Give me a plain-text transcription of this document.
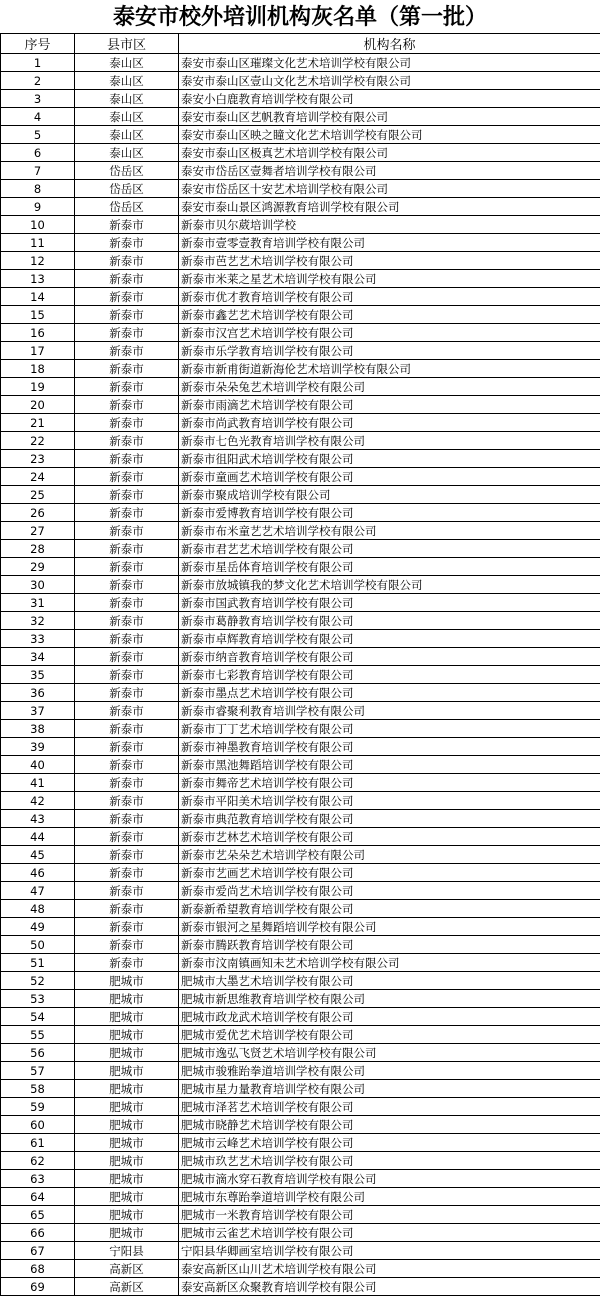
泰安市校外培训机构灰名单（第一批）
序号	县市区	机构名称
1	泰山区	泰安市泰山区璀璨文化艺术培训学校有限公司
2	泰山区	泰安市泰山区壹山文化艺术培训学校有限公司
3	泰山区	泰安小白鹿教育培训学校有限公司
4	泰山区	泰安市泰山区艺帆教育培训学校有限公司
5	泰山区	泰安市泰山区映之瞳文化艺术培训学校有限公司
6	泰山区	泰安市泰山区极真艺术培训学校有限公司
7	岱岳区	泰安市岱岳区壹舞者培训学校有限公司
8	岱岳区	泰安市岱岳区十安艺术培训学校有限公司
9	岱岳区	泰安市泰山景区鸿源教育培训学校有限公司
10	新泰市	新泰市贝尔葳培训学校
11	新泰市	新泰市壹零壹教育培训学校有限公司
12	新泰市	新泰市芭艺艺术培训学校有限公司
13	新泰市	新泰市米莱之星艺术培训学校有限公司
14	新泰市	新泰市优才教育培训学校有限公司
15	新泰市	新泰市鑫艺艺术培训学校有限公司
16	新泰市	新泰市汉宫艺术培训学校有限公司
17	新泰市	新泰市乐学教育培训学校有限公司
18	新泰市	新泰市新甫街道新海伦艺术培训学校有限公司
19	新泰市	新泰市朵朵兔艺术培训学校有限公司
20	新泰市	新泰市雨滴艺术培训学校有限公司
21	新泰市	新泰市尚武教育培训学校有限公司
22	新泰市	新泰市七色光教育培训学校有限公司
23	新泰市	新泰市徂阳武术培训学校有限公司
24	新泰市	新泰市童画艺术培训学校有限公司
25	新泰市	新泰市聚成培训学校有限公司
26	新泰市	新泰市爱博教育培训学校有限公司
27	新泰市	新泰市布米童艺艺术培训学校有限公司
28	新泰市	新泰市君艺艺术培训学校有限公司
29	新泰市	新泰市星岳体育培训学校有限公司
30	新泰市	新泰市放城镇我的梦文化艺术培训学校有限公司
31	新泰市	新泰市国武教育培训学校有限公司
32	新泰市	新泰市葛静教育培训学校有限公司
33	新泰市	新泰市卓辉教育培训学校有限公司
34	新泰市	新泰市纳音教育培训学校有限公司
35	新泰市	新泰市七彩教育培训学校有限公司
36	新泰市	新泰市墨点艺术培训学校有限公司
37	新泰市	新泰市睿聚利教育培训学校有限公司
38	新泰市	新泰市丁丁艺术培训学校有限公司
39	新泰市	新泰市神墨教育培训学校有限公司
40	新泰市	新泰市黑池舞蹈培训学校有限公司
41	新泰市	新泰市舞帝艺术培训学校有限公司
42	新泰市	新泰市平阳美术培训学校有限公司
43	新泰市	新泰市典范教育培训学校有限公司
44	新泰市	新泰市艺林艺术培训学校有限公司
45	新泰市	新泰市艺朵朵艺术培训学校有限公司
46	新泰市	新泰市艺画艺术培训学校有限公司
47	新泰市	新泰市爱尚艺术培训学校有限公司
48	新泰市	新泰新希望教育培训学校有限公司
49	新泰市	新泰市银河之星舞蹈培训学校有限公司
50	新泰市	新泰市腾跃教育培训学校有限公司
51	新泰市	新泰市汶南镇画知未艺术培训学校有限公司
52	肥城市	肥城市大墨艺术培训学校有限公司
53	肥城市	肥城市新思维教育培训学校有限公司
54	肥城市	肥城市政龙武术培训学校有限公司
55	肥城市	肥城市爱优艺术培训学校有限公司
56	肥城市	肥城市逸弘飞贤艺术培训学校有限公司
57	肥城市	肥城市骏雅跆拳道培训学校有限公司
58	肥城市	肥城市星力量教育培训学校有限公司
59	肥城市	肥城市泽茗艺术培训学校有限公司
60	肥城市	肥城市晓静艺术培训学校有限公司
61	肥城市	肥城市云峰艺术培训学校有限公司
62	肥城市	肥城市玖艺艺术培训学校有限公司
63	肥城市	肥城市滴水穿石教育培训学校有限公司
64	肥城市	肥城市东尊跆拳道培训学校有限公司
65	肥城市	肥城市一米教育培训学校有限公司
66	肥城市	肥城市云雀艺术培训学校有限公司
67	宁阳县	宁阳县华卿画室培训学校有限公司
68	高新区	泰安高新区山川艺术培训学校有限公司
69	高新区	泰安高新区众聚教育培训学校有限公司
